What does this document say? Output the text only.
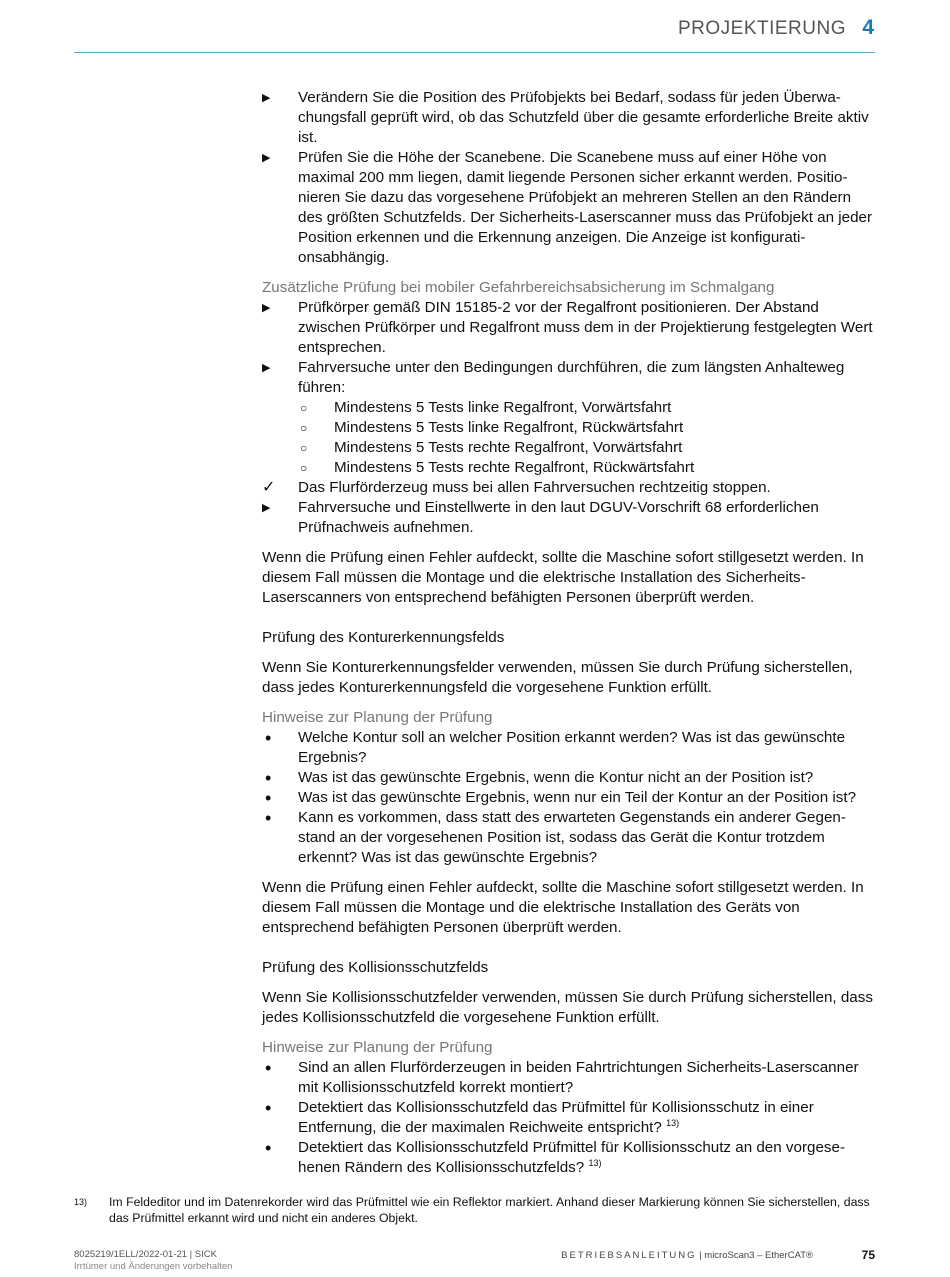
PROJEKTIERUNG 4
▶	Verändern Sie die Position des Prüfobjekts bei Bedarf, sodass für jeden Überwachungsfall geprüft wird, ob das Schutzfeld über die gesamte erforderliche Breite aktiv ist.
▶	Prüfen Sie die Höhe der Scanebene. Die Scanebene muss auf einer Höhe von maximal 200 mm liegen, damit liegende Personen sicher erkannt werden. Positionieren Sie dazu das vorgesehene Prüfobjekt an mehreren Stellen an den Rändern des größten Schutzfelds. Der Sicherheits-Laserscanner muss das Prüfobjekt an jeder Position erkennen und die Erkennung anzeigen. Die Anzeige ist konfigurationsabhängig.
Zusätzliche Prüfung bei mobiler Gefahrbereichsabsicherung im Schmalgang
▶	Prüfkörper gemäß DIN 15185-2 vor der Regalfront positionieren. Der Abstand zwischen Prüfkörper und Regalfront muss dem in der Projektierung festgelegten Wert entsprechen.
▶	Fahrversuche unter den Bedingungen durchführen, die zum längsten Anhalteweg führen:
○	Mindestens 5 Tests linke Regalfront, Vorwärtsfahrt
○	Mindestens 5 Tests linke Regalfront, Rückwärtsfahrt
○	Mindestens 5 Tests rechte Regalfront, Vorwärtsfahrt
○	Mindestens 5 Tests rechte Regalfront, Rückwärtsfahrt
✓	Das Flurförderzeug muss bei allen Fahrversuchen rechtzeitig stoppen.
▶	Fahrversuche und Einstellwerte in den laut DGUV-Vorschrift 68 erforderlichen Prüfnachweis aufnehmen.

Wenn die Prüfung einen Fehler aufdeckt, sollte die Maschine sofort stillgesetzt werden. In diesem Fall müssen die Montage und die elektrische Installation des Sicherheits-Laserscanners von entsprechend befähigten Personen überprüft werden.

Prüfung des Konturerkennungsfelds

Wenn Sie Konturerkennungsfelder verwenden, müssen Sie durch Prüfung sicherstellen, dass jedes Konturerkennungsfeld die vorgesehene Funktion erfüllt.

Hinweise zur Planung der Prüfung
•	Welche Kontur soll an welcher Position erkannt werden? Was ist das gewünschte Ergebnis?
•	Was ist das gewünschte Ergebnis, wenn die Kontur nicht an der Position ist?
•	Was ist das gewünschte Ergebnis, wenn nur ein Teil der Kontur an der Position ist?
•	Kann es vorkommen, dass statt des erwarteten Gegenstands ein anderer Gegenstand an der vorgesehenen Position ist, sodass das Gerät die Kontur trotzdem erkennt? Was ist das gewünschte Ergebnis?

Wenn die Prüfung einen Fehler aufdeckt, sollte die Maschine sofort stillgesetzt werden. In diesem Fall müssen die Montage und die elektrische Installation des Geräts von entsprechend befähigten Personen überprüft werden.

Prüfung des Kollisionsschutzfelds

Wenn Sie Kollisionsschutzfelder verwenden, müssen Sie durch Prüfung sicherstellen, dass jedes Kollisionsschutzfeld die vorgesehene Funktion erfüllt.

Hinweise zur Planung der Prüfung
•	Sind an allen Flurförderzeugen in beiden Fahrtrichtungen Sicherheits-Laserscanner mit Kollisionsschutzfeld korrekt montiert?
•	Detektiert das Kollisionsschutzfeld das Prüfmittel für Kollisionsschutz in einer Entfernung, die der maximalen Reichweite entspricht? $^{13)}$
•	Detektiert das Kollisionsschutzfeld Prüfmittel für Kollisionsschutz an den vorgesehenen Rändern des Kollisionsschutzfelds? $^{13)}$
13) Im Feldeditor und im Datenrekorder wird das Prüfmittel wie ein Reflektor markiert. Anhand dieser Markierung können Sie sicherstellen, dass das Prüfmittel erkannt wird und nicht ein anderes Objekt.
8025219/1ELL/2022-01-21 | SICK
Irrtümer und Änderungen vorbehalten
BETRIEBSANLEITUNG | microScan3 – EtherCAT®	75
